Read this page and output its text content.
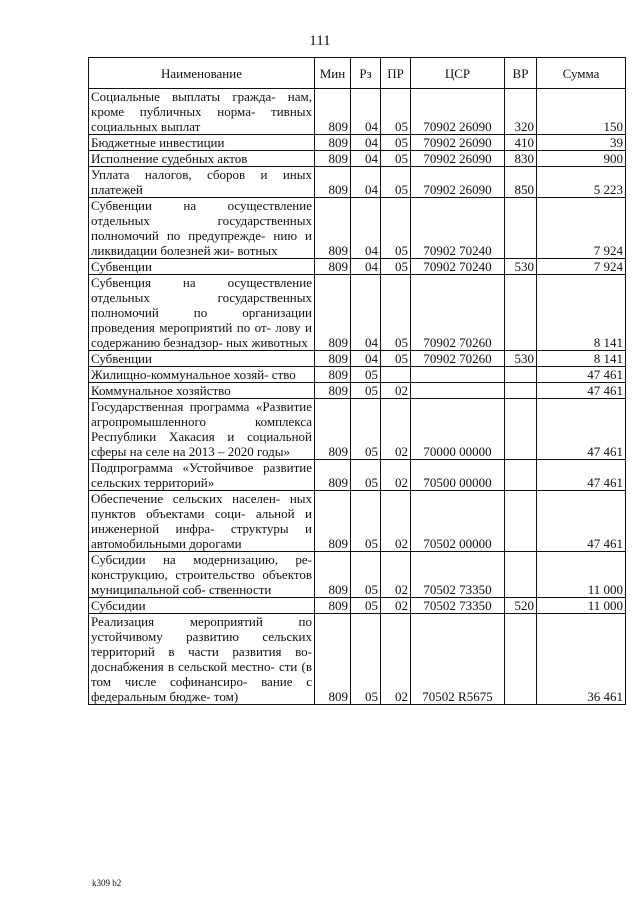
111
Наименование	Мин	Рз	ПР	ЦСР	ВР	Сумма
Социальные выплаты гражда- нам, кроме публичных норма- тивных социальных выплат	809	04	05	70902 26090	320	150
Бюджетные инвестиции	809	04	05	70902 26090	410	39
Исполнение судебных актов	809	04	05	70902 26090	830	900
Уплата налогов, сборов и иных платежей	809	04	05	70902 26090	850	5 223
Субвенции на осуществление отдельных государственных полномочий по предупрежде- нию и ликвидации болезней жи- вотных	809	04	05	70902 70240		7 924
Субвенции	809	04	05	70902 70240	530	7 924
Субвенция на осуществление отдельных государственных полномочий по организации проведения мероприятий по от- лову и содержанию безнадзор- ных животных	809	04	05	70902 70260		8 141
Субвенции	809	04	05	70902 70260	530	8 141
Жилищно-коммунальное хозяй- ство	809	05				47 461
Коммунальное хозяйство	809	05	02			47 461
Государственная программа «Развитие агропромышленного комплекса Республики Хакасия и социальной сферы на селе на 2013 – 2020 годы»	809	05	02	70000 00000		47 461
Подпрограмма «Устойчивое развитие сельских территорий»	809	05	02	70500 00000		47 461
Обеспечение сельских населен- ных пунктов объектами соци- альной и инженерной инфра- структуры и автомобильными дорогами	809	05	02	70502 00000		47 461
Субсидии на модернизацию, ре- конструкцию, строительство объектов муниципальной соб- ственности	809	05	02	70502 73350		11 000
Субсидии	809	05	02	70502 73350	520	11 000
Реализация мероприятий по устойчивому развитию сельских территорий в части развития во- доснабжения в сельской местно- сти (в том числе софинансиро- вание с федеральным бюдже- том)	809	05	02	70502 R5675		36 461
k309 b2
